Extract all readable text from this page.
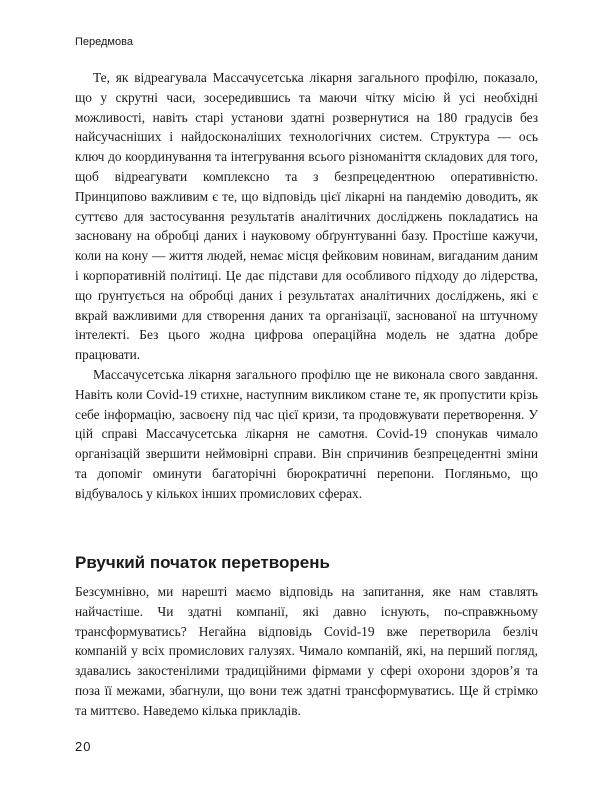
Передмова

Те, як відреагувала Массачусетська лікарня загального профілю, показало, що у скрутні часи, зосередившись та маючи чітку місію й усі необхідні можливості, навіть старі установи здатні розвернутися на 180 градусів без найсучасніших і найдосконаліших технологічних систем. Структура — ось ключ до координування та інтегрування всього різноманіття складових для того, щоб відреагувати комплексно та з безпрецедентною оперативністю. Принципово важливим є те, що відповідь цієї лікарні на пандемію доводить, як суттєво для застосування результатів аналітичних досліджень покладатись на засновану на обробці даних і науковому обґрунтуванні базу. Простіше кажучи, коли на кону — життя людей, немає місця фейковим новинам, вигаданим даним і корпоративній політиці. Це дає підстави для особливого підходу до лідерства, що ґрунтується на обробці даних і результатах аналітичних досліджень, які є вкрай важливими для створення даних та організації, заснованої на штучному інтелекті. Без цього жодна цифрова операційна модель не здатна добре працювати.

Массачусетська лікарня загального профілю ще не виконала свого завдання. Навіть коли Covid-19 стихне, наступним викликом стане те, як пропустити крізь себе інформацію, засвоєну під час цієї кризи, та продовжувати перетворення. У цій справі Массачусетська лікарня не самотня. Covid-19 спонукав чимало організацій звершити неймовірні справи. Він спричинив безпрецедентні зміни та допоміг оминути багаторічні бюрократичні перепони. Погляньмо, що відбувалось у кількох інших промислових сферах.

Рвучкий початок перетворень

Безсумнівно, ми нарешті маємо відповідь на запитання, яке нам ставлять найчастіше. Чи здатні компанії, які давно існують, по-справжньому трансформуватись? Негайна відповідь Covid-19 вже перетворила безліч компаній у всіх промислових галузях. Чимало компаній, які, на перший погляд, здавались закостенілими традиційними фірмами у сфері охорони здоров’я та поза її межами, збагнули, що вони теж здатні трансформуватись. Ще й стрімко та миттєво. Наведемо кілька прикладів.

20
